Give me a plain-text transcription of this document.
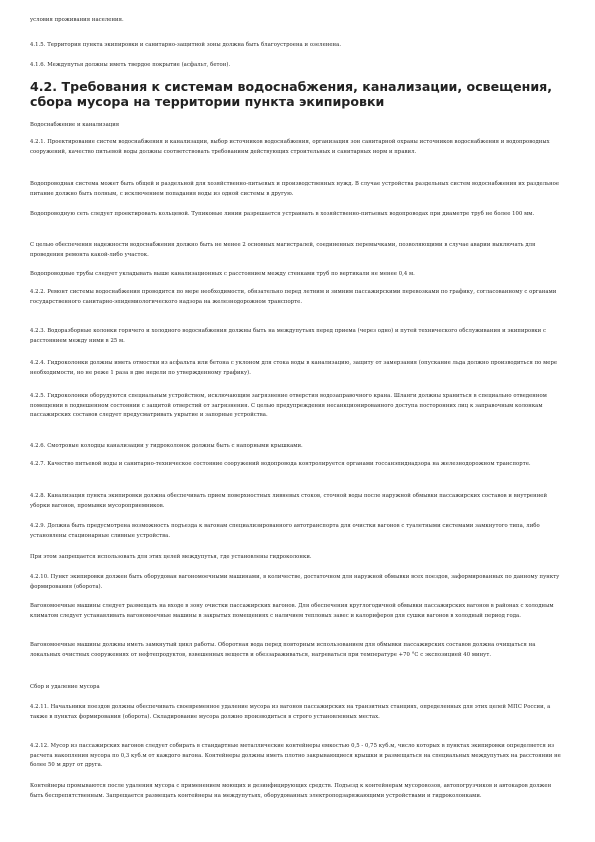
условия проживания населения.

4.1.5. Территория пункта экипировки и санитарно-защитной зоны должна быть благоустроена и озеленена.

4.1.6. Междупутья должны иметь твердое покрытие (асфальт, бетон).

4.2. Требования к системам водоснабжения, канализации, освещения, сбора мусора на территории пункта экипировки

Водоснабжение и канализация

4.2.1. Проектирование систем водоснабжения и канализации, выбор источников водоснабжения, организация зон санитарной охраны источников водоснабжения и водопроводных сооружений, качество питьевой воды должны соответствовать требованиям действующих строительных и санитарных норм и правил.

Водопроводная система может быть общей и раздельной для хозяйственно-питьевых и производственных нужд. В случае устройства раздельных систем водоснабжения их раздельное питание должно быть полным, с исключением попадания воды из одной системы в другую.

Водопроводную сеть следует проектировать кольцевой. Тупиковые линии разрешается устраивать в хозяйственно-питьевых водопроводах при диаметре труб не более 100 мм.

С целью обеспечения надежности водоснабжения должно быть не менее 2 основных магистралей, соединенных перемычками, позволяющими в случае аварии выключать для проведения ремонта какой-либо участок.

Водопроводные трубы следует укладывать выше канализационных с расстоянием между стенками труб по вертикали не менее 0,4 м.

4.2.2. Ремонт системы водоснабжения проводится по мере необходимости, обязательно перед летним и зимним пассажирскими перевозками по графику, согласованному с органами государственного санитарно-эпидемиологического надзора на железнодорожном транспорте.

4.2.3. Водоразборные колонки горячего и холодного водоснабжения должны быть на междупутьях перед приема (через одно) и путей технического обслуживания и экипировки с расстоянием между ними в 25 м.

4.2.4. Гидроколонки должны иметь отмостки из асфальта или бетона с уклоном для стока воды в канализацию, защиту от замерзания (опускание льда должно производиться по мере необходимости, но не реже 1 раза в две недели по утвержденному графику).

4.2.5. Гидроколонки оборудуются специальным устройством, исключающим загрязнение отверстия водозаправочного крана. Шланги должны храниться в специально отведенном помещении в подвешенном состоянии с защитой отверстий от загрязнения. С целью предупреждения несанкционированного доступа посторонних лиц к заправочным колонкам пассажирских составов следует предусматривать укрытие и запорные устройства.

4.2.6. Смотровые колодцы канализации у гидроколонок должны быть с напорными крышками.

4.2.7. Качество питьевой воды и санитарно-техническое состояние сооружений водопровода контролируется органами госсанэпиднадзора на железнодорожном транспорте.

4.2.8. Канализация пункта экипировки должна обеспечивать прием поверхностных ливневых стоков, сточной воды после наружной обмывки пассажирских составов и внутренней уборки вагонов, промывки мусороприемников.

4.2.9. Должна быть предусмотрена возможность подъезда к вагонам специализированного автотранспорта для очистки вагонов с туалетными системами замкнутого типа, либо установлены стационарные сливные устройства.

При этом запрещается использовать для этих целей междупутья, где установлены гидроколонки.

4.2.10. Пункт экипировки должен быть оборудован вагономоечными машинами, в количестве, достаточном для наружной обмывки всех поездов, заформированных по данному пункту формирования (оборота).

Вагономоечные машины следует размещать на входе в зону очистки пассажирских вагонов. Для обеспечения круглогодичной обмывки пассажирских вагонов в районах с холодным климатом следует устанавливать вагономоечные машины в закрытых помещениях с наличием тепловых завес и калориферов для сушки вагонов в холодный период года.

Вагономоечные машины должны иметь замкнутый цикл работы. Оборотная вода перед повторным использованием для обмывки пассажирских составов должна очищаться на локальных очистных сооружениях от нефтепродуктов, взвешенных веществ и обеззараживаться, нагреваться при температуре +70 °С с экспозицией 40 минут.

Сбор и удаление мусора

4.2.11. Начальники поездов должны обеспечивать своевременное удаление мусора из вагонов пассажирских на транзитных станциях, определенных для этих целей МПС России, а также в пунктах формирования (оборота). Складирование мусора должно производиться в строго установленных местах.

4.2.12. Мусор из пассажирских вагонов следует собирать в стандартные металлические контейнеры емкостью 0,5 - 0,75 куб.м, число которых в пунктах экипировки определяется из расчета накопления мусора по 0,3 куб.м от каждого вагона. Контейнеры должны иметь плотно закрывающиеся крышки и размещаться на специальных междупутьях на расстоянии не более 50 м друг от друга.

Контейнеры промываются после удаления мусора с применением моющих и дезинфицирующих средств. Подъезд к контейнерам мусоровозов, автопогрузчиков и автокаров должен быть беспрепятственным. Запрещается размещать контейнеры на междупутьях, оборудованных электроподзаряжающими устройствами и гидроколонками.
